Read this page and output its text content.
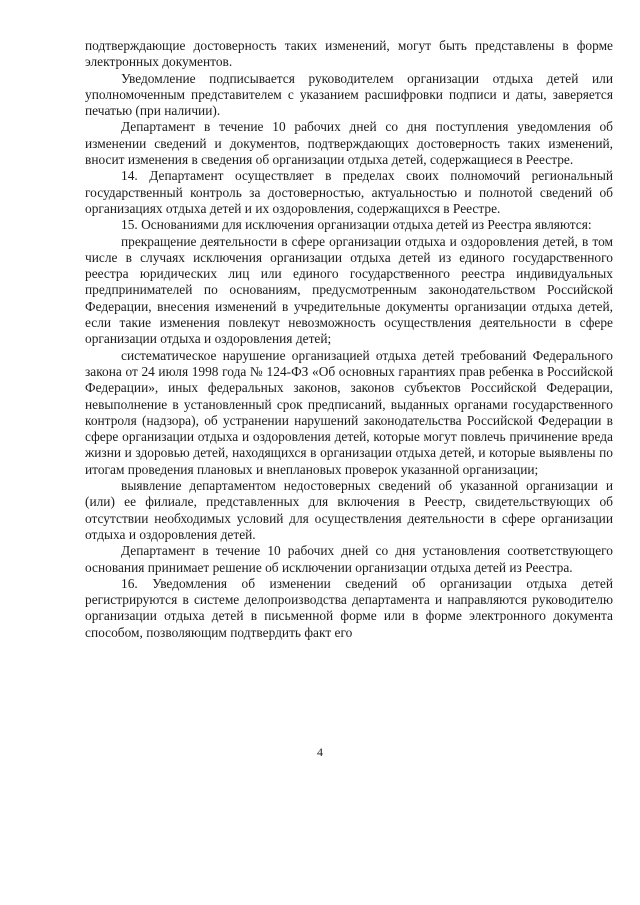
подтверждающие достоверность таких изменений, могут быть представлены в форме электронных документов.

Уведомление подписывается руководителем организации отдыха детей или уполномоченным представителем с указанием расшифровки подписи и даты, заверяется печатью (при наличии).

Департамент в течение 10 рабочих дней со дня поступления уведомления об изменении сведений и документов, подтверждающих достоверность таких изменений, вносит изменения в сведения об организации отдыха детей, содержащиеся в Реестре.

14. Департамент осуществляет в пределах своих полномочий региональный государственный контроль за достоверностью, актуальностью и полнотой сведений об организациях отдыха детей и их оздоровления, содержащихся в Реестре.

15. Основаниями для исключения организации отдыха детей из Реестра являются:

прекращение деятельности в сфере организации отдыха и оздоровления детей, в том числе в случаях исключения организации отдыха детей из единого государственного реестра юридических лиц или единого государственного реестра индивидуальных предпринимателей по основаниям, предусмотренным законодательством Российской Федерации, внесения изменений в учредительные документы организации отдыха детей, если такие изменения повлекут невозможность осуществления деятельности в сфере организации отдыха и оздоровления детей;

систематическое нарушение организацией отдыха детей требований Федерального закона от 24 июля 1998 года № 124-ФЗ «Об основных гарантиях прав ребенка в Российской Федерации», иных федеральных законов, законов субъектов Российской Федерации, невыполнение в установленный срок предписаний, выданных органами государственного контроля (надзора), об устранении нарушений законодательства Российской Федерации в сфере организации отдыха и оздоровления детей, которые могут повлечь причинение вреда жизни и здоровью детей, находящихся в организации отдыха детей, и которые выявлены по итогам проведения плановых и внеплановых проверок указанной организации;

выявление департаментом недостоверных сведений об указанной организации и (или) ее филиале, представленных для включения в Реестр, свидетельствующих об отсутствии необходимых условий для осуществления деятельности в сфере организации отдыха и оздоровления детей.

Департамент в течение 10 рабочих дней со дня установления соответствующего основания принимает решение об исключении организации отдыха детей из Реестра.

16. Уведомления об изменении сведений об организации отдыха детей регистрируются в системе делопроизводства департамента и направляются руководителю организации отдыха детей в письменной форме или в форме электронного документа способом, позволяющим подтвердить факт его

4
